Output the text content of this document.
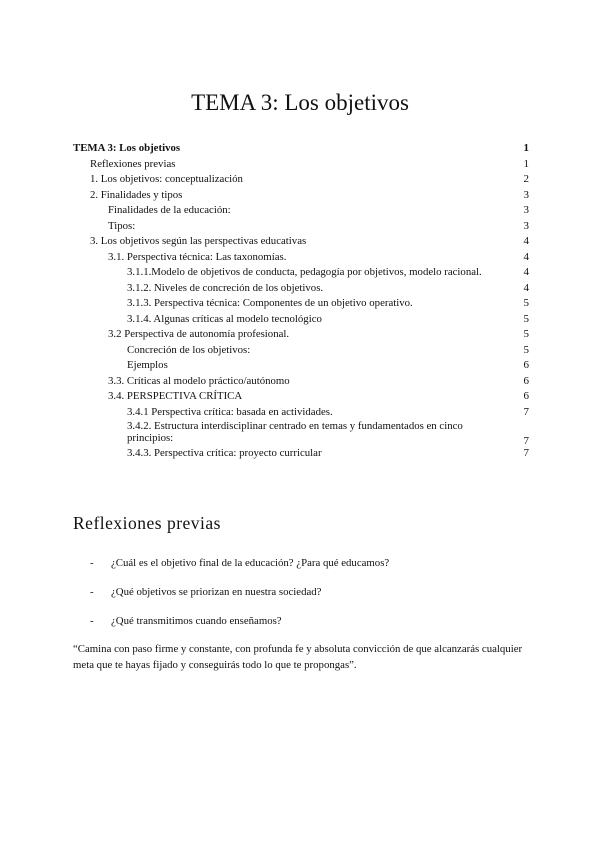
TEMA 3: Los objetivos
TEMA 3: Los objetivos	1
Reflexiones previas	1
1. Los objetivos: conceptualización	2
2. Finalidades y tipos	3
Finalidades de la educación:	3
Tipos:	3
3. Los objetivos según las perspectivas educativas	4
3.1. Perspectiva técnica: Las taxonomías.	4
3.1.1.Modelo de objetivos de conducta, pedagogía por objetivos, modelo racional.	4
3.1.2. Niveles de concreción de los objetivos.	4
3.1.3. Perspectiva técnica: Componentes de un objetivo operativo.	5
3.1.4. Algunas críticas al modelo tecnológico	5
3.2 Perspectiva de autonomía profesional.	5
Concreción de los objetivos:	5
Ejemplos	6
3.3. Críticas al modelo práctico/autónomo	6
3.4. PERSPECTIVA CRÍTICA	6
3.4.1 Perspectiva crítica: basada en actividades.	7
3.4.2. Estructura interdisciplinar centrado en temas y fundamentados en cinco principios:	7
3.4.3. Perspectiva crítica: proyecto curricular	7
Reflexiones previas
- ¿Cuál es el objetivo final de la educación? ¿Para qué educamos?
- ¿Qué objetivos se priorizan en nuestra sociedad?
- ¿Qué transmitimos cuando enseñamos?

“Camina con paso firme y constante, con profunda fe y absoluta convicción de que alcanzarás cualquier meta que te hayas fijado y conseguirás todo lo que te propongas”.
